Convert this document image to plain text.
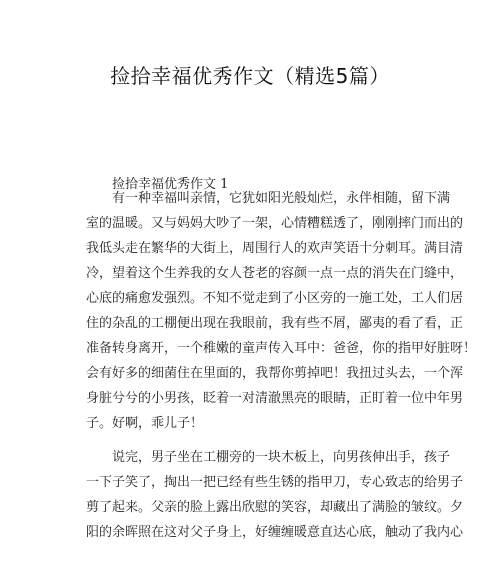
捡拾幸福优秀作文（精选5篇）
捡拾幸福优秀作文 1
有一种幸福叫亲情，它犹如阳光般灿烂，永伴相随，留下满
室的温暖。又与妈妈大吵了一架，心情糟糕透了，刚刚摔门而出的
我低头走在繁华的大街上，周围行人的欢声笑语十分刺耳。满目清
冷，望着这个生养我的女人苍老的容颜一点一点的消失在门缝中，
心底的痛愈发强烈。不知不觉走到了小区旁的一施工处，工人们居
住的杂乱的工棚便出现在我眼前，我有些不屑，鄙夷的看了看，正
准备转身离开，一个稚嫩的童声传入耳中：爸爸，你的指甲好脏呀！
会有好多的细菌住在里面的，我帮你剪掉吧！我扭过头去，一个浑
身脏兮兮的小男孩，眨着一对清澈黑亮的眼睛，正盯着一位中年男
子。好啊，乖儿子！
说完，男子坐在工棚旁的一块木板上，向男孩伸出手，孩子
一下子笑了，掏出一把已经有些生锈的指甲刀，专心致志的给男子
剪了起来。父亲的脸上露出欣慰的笑容，却藏出了满脸的皱纹。夕
阳的余晖照在这对父子身上，好缠缠暖意直达心底，触动了我内心
